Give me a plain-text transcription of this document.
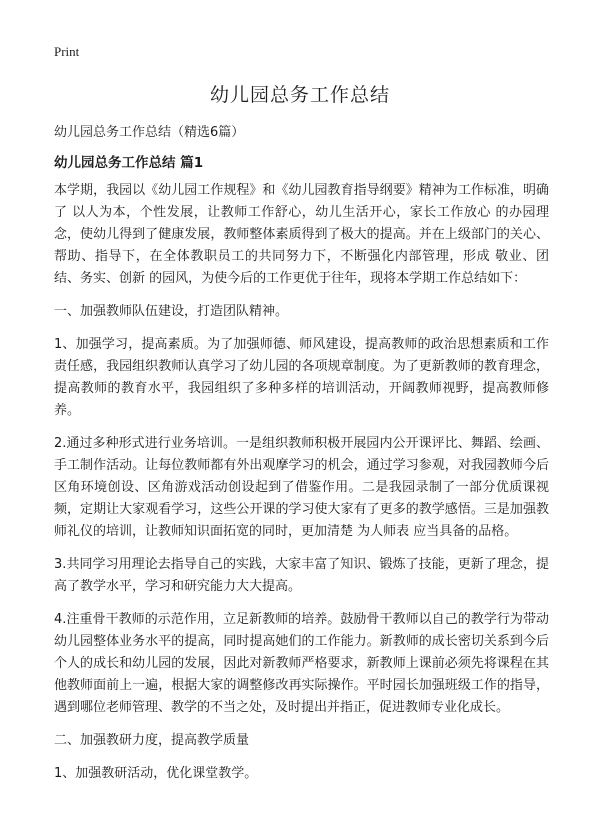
Print
幼儿园总务工作总结
幼儿园总务工作总结（精选6篇）
幼儿园总务工作总结 篇1

本学期，我园以《幼儿园工作规程》和《幼儿园教育指导纲要》精神为工作标准，明确了 以人为本，个性发展，让教师工作舒心，幼儿生活开心，家长工作放心 的办园理念，使幼儿得到了健康发展，教师整体素质得到了极大的提高。并在上级部门的关心、帮助、指导下，在全体教职员工的共同努力下，不断强化内部管理，形成 敬业、团结、务实、创新 的园风，为使今后的工作更优于往年，现将本学期工作总结如下：

一、加强教师队伍建设，打造团队精神。

1、加强学习，提高素质。为了加强师德、师风建设，提高教师的政治思想素质和工作责任感，我园组织教师认真学习了幼儿园的各项规章制度。为了更新教师的教育理念，提高教师的教育水平，我园组织了多种多样的培训活动，开阔教师视野，提高教师修养。

2.通过多种形式进行业务培训。一是组织教师积极开展园内公开课评比、舞蹈、绘画、手工制作活动。让每位教师都有外出观摩学习的机会，通过学习参观，对我园教师今后区角环境创设、区角游戏活动创设起到了借鉴作用。二是我园录制了一部分优质课视频，定期让大家观看学习，这些公开课的学习使大家有了更多的教学感悟。三是加强教师礼仪的培训，让教师知识面拓宽的同时，更加清楚 为人师表 应当具备的品格。

3.共同学习用理论去指导自己的实践，大家丰富了知识、锻炼了技能，更新了理念，提高了教学水平，学习和研究能力大大提高。

4.注重骨干教师的示范作用，立足新教师的培养。鼓励骨干教师以自己的教学行为带动幼儿园整体业务水平的提高，同时提高她们的工作能力。新教师的成长密切关系到今后个人的成长和幼儿园的发展，因此对新教师严格要求，新教师上课前必须先将课程在其他教师面前上一遍，根据大家的调整修改再实际操作。平时园长加强班级工作的指导，遇到哪位老师管理、教学的不当之处，及时提出并指正，促进教师专业化成长。

二、加强教研力度，提高教学质量

1、加强教研活动，优化课堂教学。
